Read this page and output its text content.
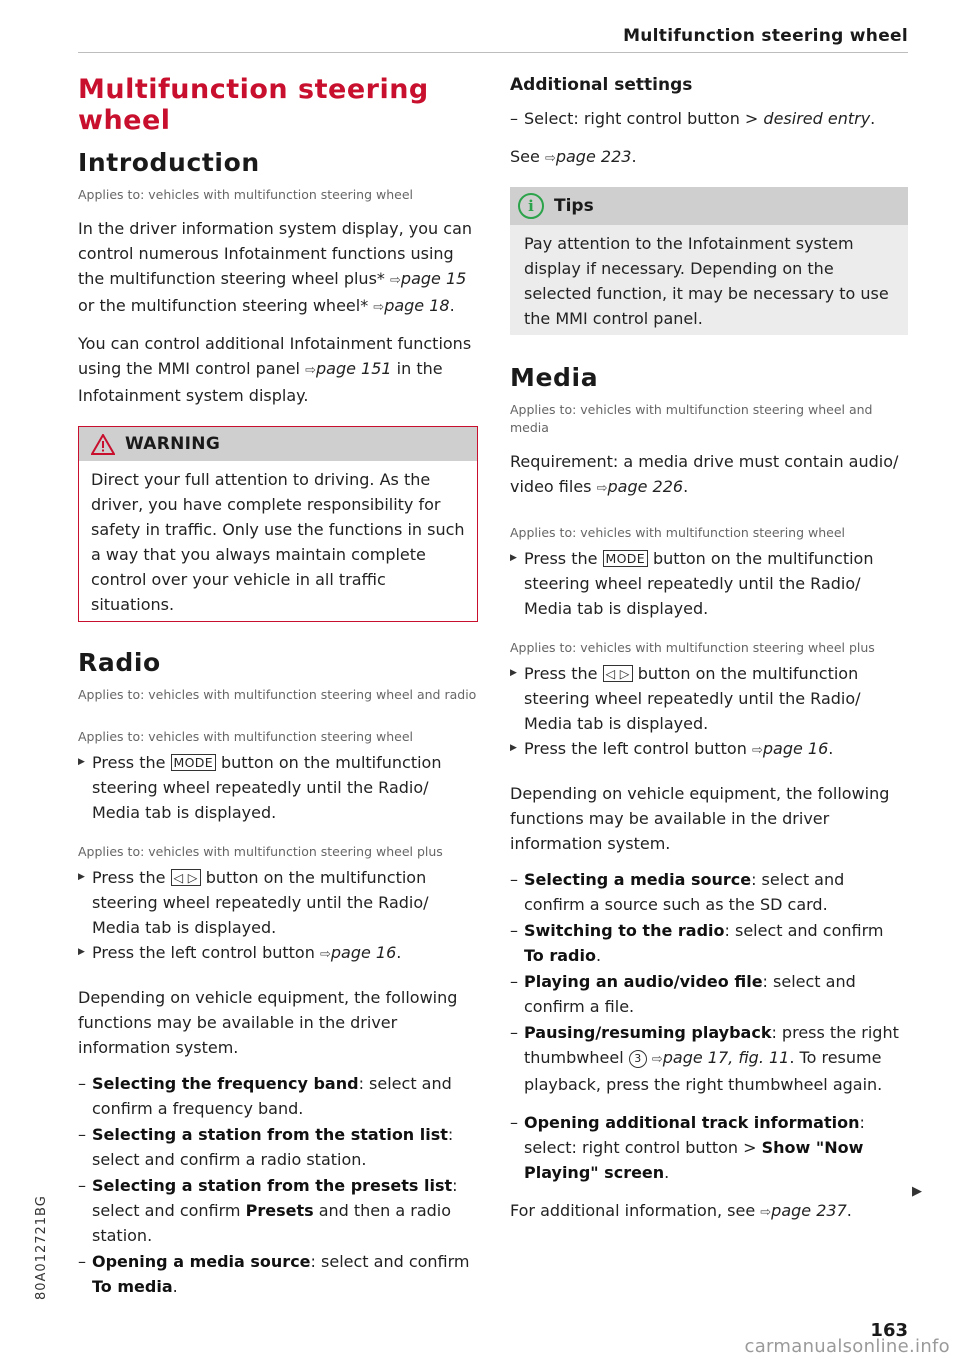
Multifunction steering wheel
Multifunction steering wheel
Introduction
Applies to: vehicles with multifunction steering wheel

In the driver information system display, you can control numerous Infotainment functions using the multifunction steering wheel plus* ⇨page 15 or the multifunction steering wheel* ⇨page 18.

You can control additional Infotainment functions using the MMI control panel ⇨page 151 in the Infotainment system display.

WARNING
Direct your full attention to driving. As the driver, you have complete responsibility for safety in traffic. Only use the functions in such a way that you always maintain complete control over your vehicle in all traffic situations.
Radio
Applies to: vehicles with multifunction steering wheel and radio
Applies to: vehicles with multifunction steering wheel
▶ Press the MODE button on the multifunction steering wheel repeatedly until the Radio/ Media tab is displayed.
Applies to: vehicles with multifunction steering wheel plus
▶ Press the ◁ ▷ button on the multifunction steering wheel repeatedly until the Radio/ Media tab is displayed.
▶ Press the left control button ⇨page 16.

Depending on vehicle equipment, the following functions may be available in the driver information system.

– Selecting the frequency band: select and confirm a frequency band.
– Selecting a station from the station list: select and confirm a radio station.
– Selecting a station from the presets list: select and confirm Presets and then a radio station.
– Opening a media source: select and confirm To media.
Additional settings
– Select: right control button > desired entry.

See ⇨page 223.

i	Tips
Pay attention to the Infotainment system display if necessary. Depending on the selected function, it may be necessary to use the MMI control panel.
Media
Applies to: vehicles with multifunction steering wheel and media

Requirement: a media drive must contain audio/ video files ⇨page 226.

Applies to: vehicles with multifunction steering wheel
▶ Press the MODE button on the multifunction steering wheel repeatedly until the Radio/ Media tab is displayed.
Applies to: vehicles with multifunction steering wheel plus
▶ Press the ◁ ▷ button on the multifunction steering wheel repeatedly until the Radio/ Media tab is displayed.
▶ Press the left control button ⇨page 16.

Depending on vehicle equipment, the following functions may be available in the driver information system.

– Selecting a media source: select and confirm a source such as the SD card.
– Switching to the radio: select and confirm To radio.
– Playing an audio/video file: select and confirm a file.
– Pausing/resuming playback: press the right thumbwheel 3 ⇨page 17, fig. 11. To resume playback, press the right thumbwheel again.
– Opening additional track information: select: right control button > Show "Now Playing" screen.

For additional information, see ⇨page 237.

▶
80A012721BG
163
carmanualsonline.info
